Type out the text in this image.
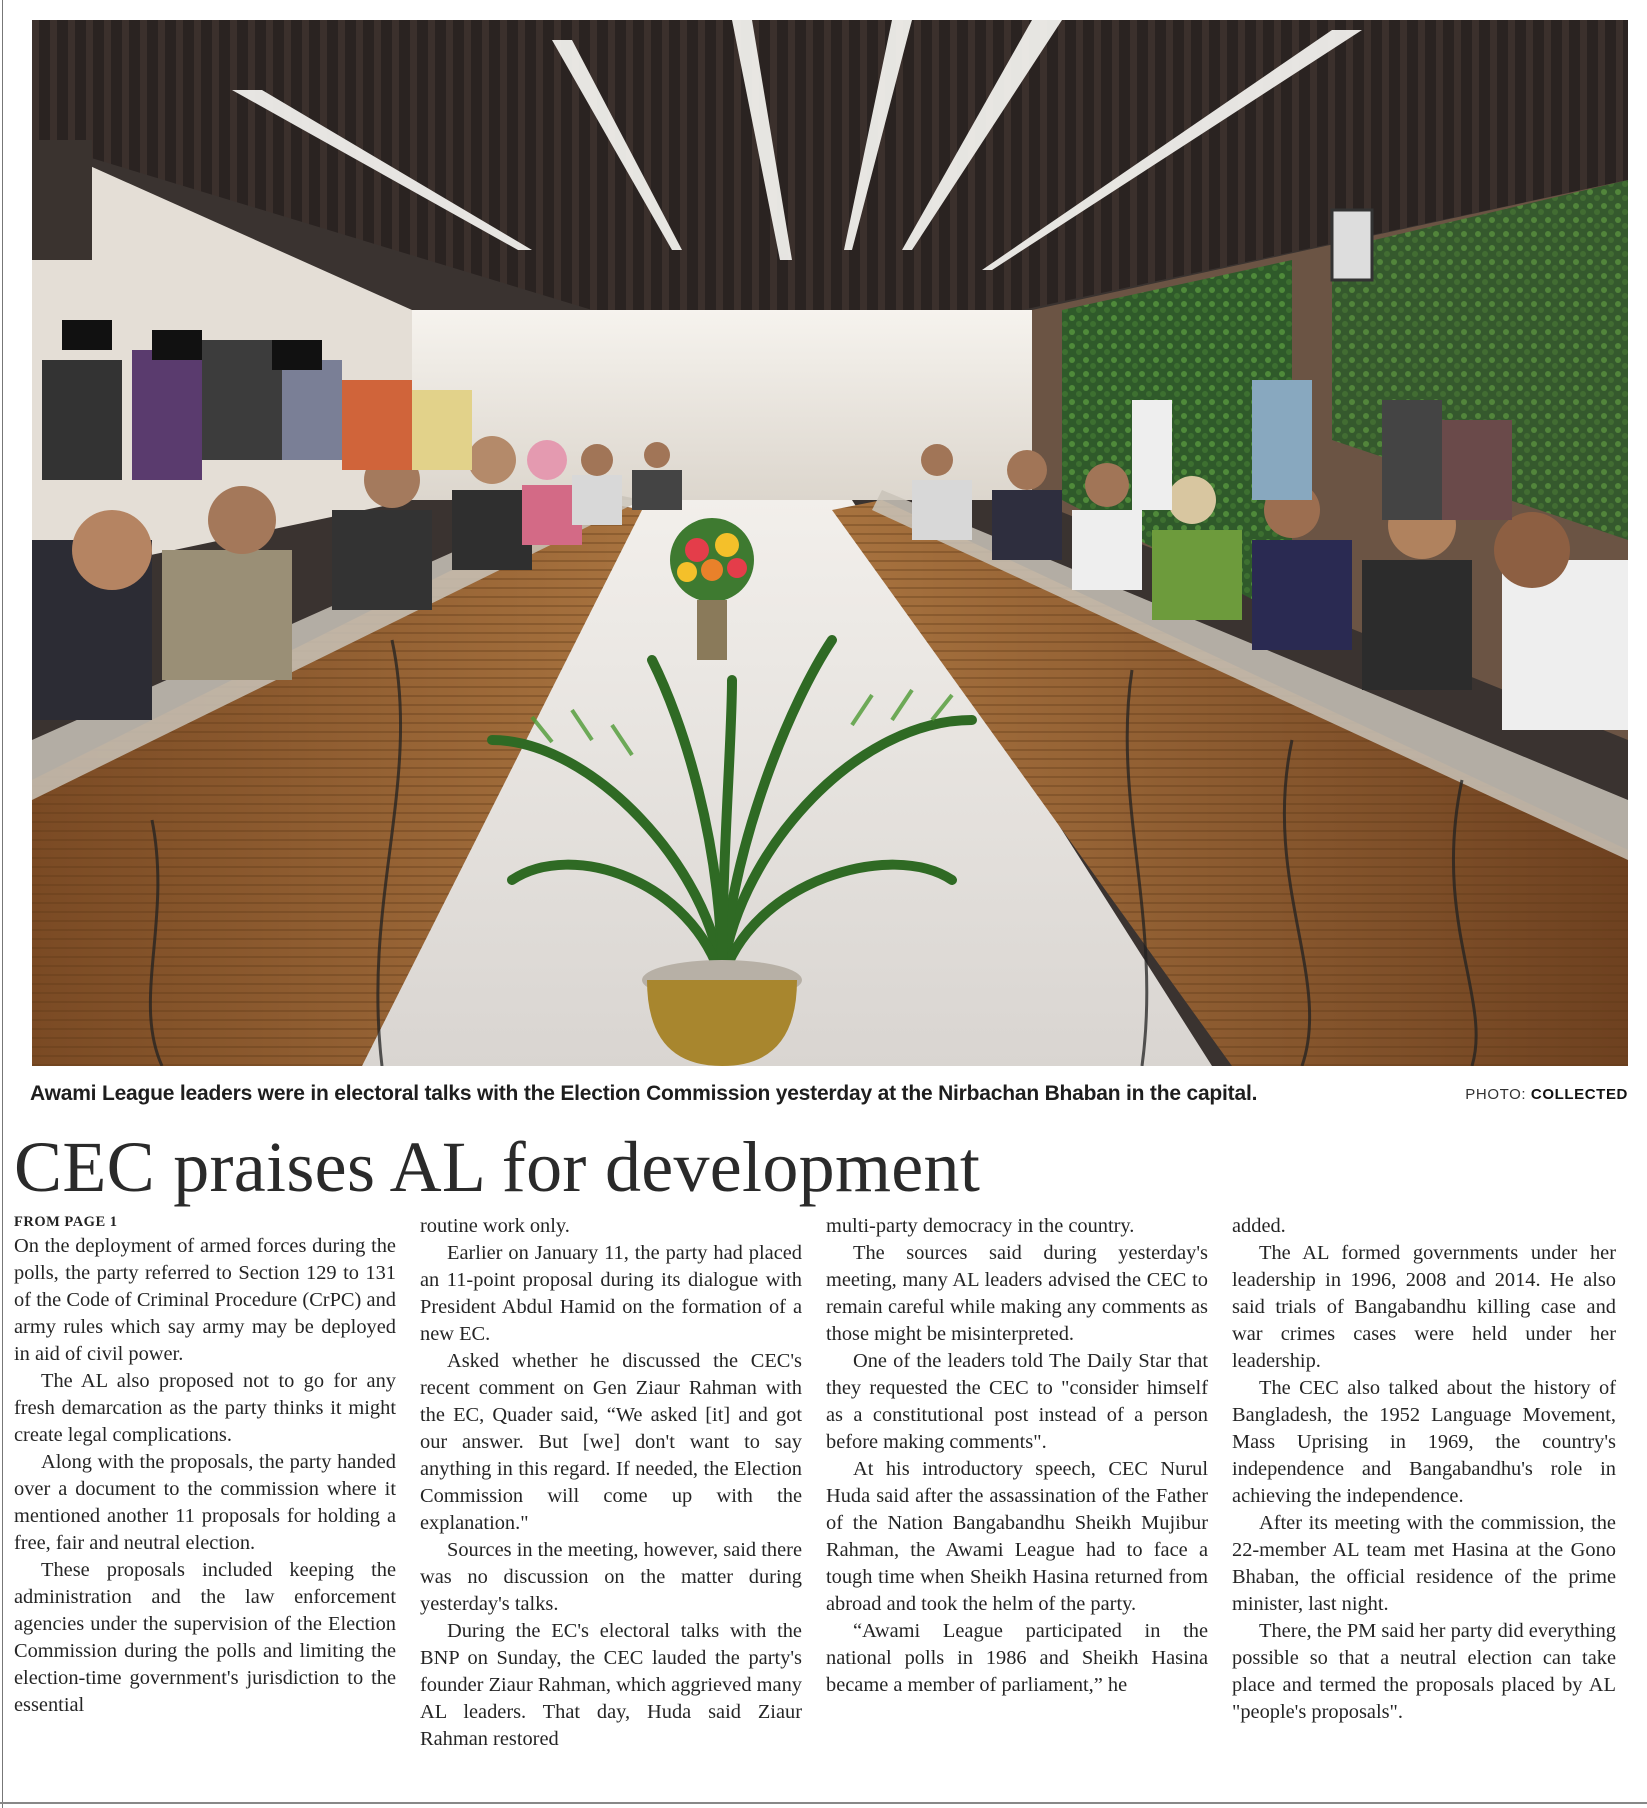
Awami League leaders were in electoral talks with the Election Commission yesterday at the Nirbachan Bhaban in the capital.	PHOTO: COLLECTED
CEC praises AL for development
FROM PAGE 1

On the deployment of armed forces during the polls, the party referred to Section 129 to 131 of the Code of Criminal Procedure (CrPC) and army rules which say army may be deployed in aid of civil power.

The AL also proposed not to go for any fresh demarcation as the party thinks it might create legal complications.

Along with the proposals, the party handed over a document to the commission where it mentioned another 11 proposals for holding a free, fair and neutral election.

These proposals included keeping the administration and the law enforcement agencies under the supervision of the Election Commission during the polls and limiting the election-time government's jurisdiction to the essential

routine work only.

Earlier on January 11, the party had placed an 11-point proposal during its dialogue with President Abdul Hamid on the formation of a new EC.

Asked whether he discussed the CEC's recent comment on Gen Ziaur Rahman with the EC, Quader said, “We asked [it] and got our answer. But [we] don't want to say anything in this regard. If needed, the Election Commission will come up with the explanation."

Sources in the meeting, however, said there was no discussion on the matter during yesterday's talks.

During the EC's electoral talks with the BNP on Sunday, the CEC lauded the party's founder Ziaur Rahman, which aggrieved many AL leaders. That day, Huda said Ziaur Rahman restored

multi-party democracy in the country.

The sources said during yesterday's meeting, many AL leaders advised the CEC to remain careful while making any comments as those might be misinterpreted.

One of the leaders told The Daily Star that they requested the CEC to "consider himself as a constitutional post instead of a person before making comments".

At his introductory speech, CEC Nurul Huda said after the assassination of the Father of the Nation Bangabandhu Sheikh Mujibur Rahman, the Awami League had to face a tough time when Sheikh Hasina returned from abroad and took the helm of the party.

“Awami League participated in the national polls in 1986 and Sheikh Hasina became a member of parliament,” he

added.

The AL formed governments under her leadership in 1996, 2008 and 2014. He also said trials of Bangabandhu killing case and war crimes cases were held under her leadership.

The CEC also talked about the history of Bangladesh, the 1952 Language Movement, Mass Uprising in 1969, the country's independence and Bangabandhu's role in achieving the independence.

After its meeting with the commission, the 22-member AL team met Hasina at the Gono Bhaban, the official residence of the prime minister, last night.

There, the PM said her party did everything possible so that a neutral election can take place and termed the proposals placed by AL "people's proposals".
